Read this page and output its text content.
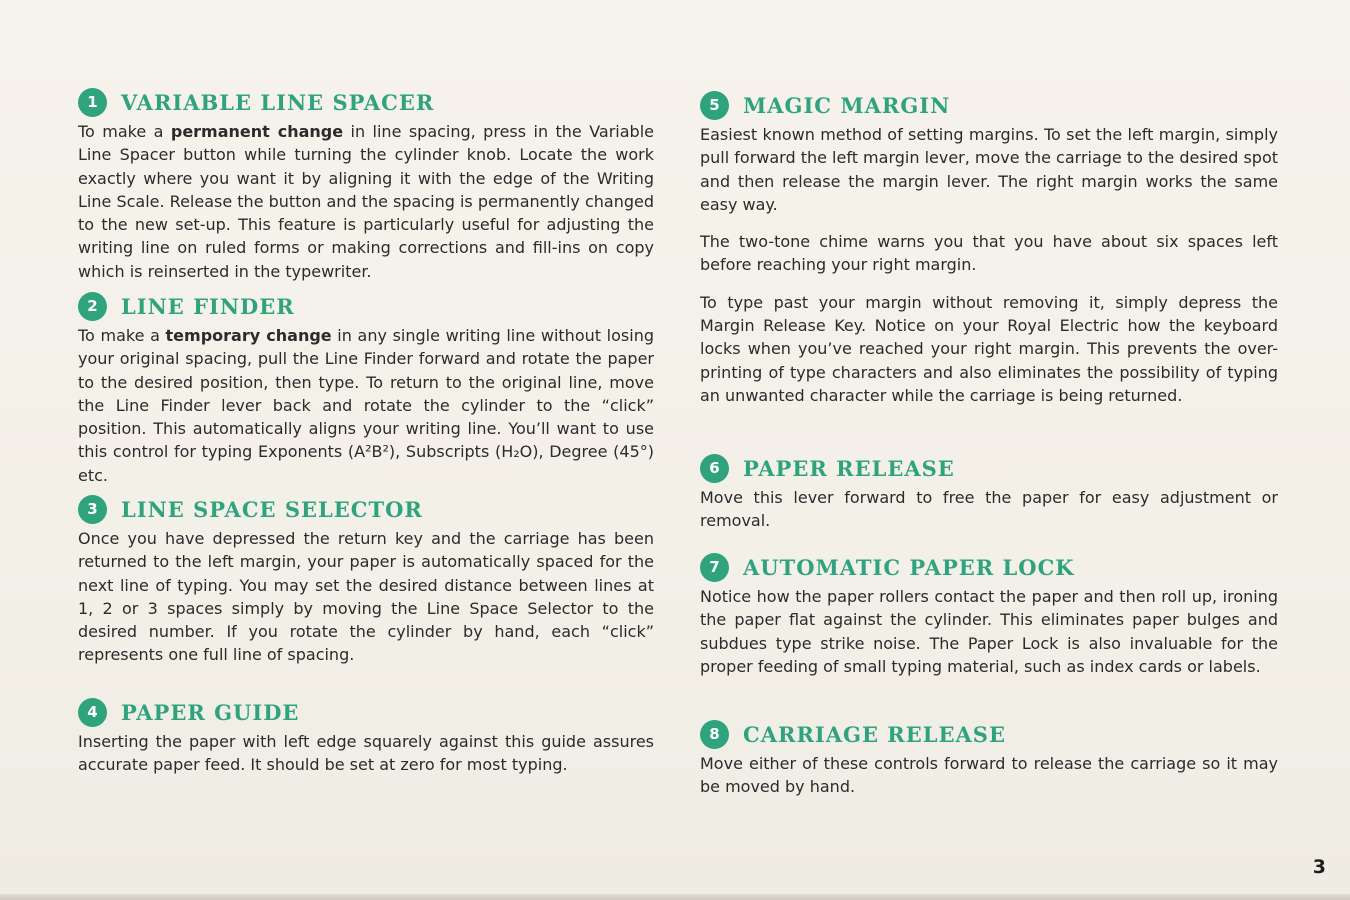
1	VARIABLE LINE SPACER

To make a permanent change in line spacing, press in the Variable Line Spacer button while turning the cylinder knob. Locate the work exactly where you want it by aligning it with the edge of the Writing Line Scale. Release the button and the spacing is permanently changed to the new set-up. This feature is particularly useful for adjusting the writing line on ruled forms or making corrections and fill-ins on copy which is reinserted in the typewriter.

2	LINE FINDER

To make a temporary change in any single writing line without losing your original spacing, pull the Line Finder forward and rotate the paper to the desired position, then type. To return to the original line, move the Line Finder lever back and rotate the cylinder to the “click” position. This automatically aligns your writing line. You’ll want to use this control for typing Exponents (A²B²), Subscripts (H₂O), Degree (45°) etc.

3	LINE SPACE SELECTOR

Once you have depressed the return key and the carriage has been returned to the left margin, your paper is automatically spaced for the next line of typing. You may set the desired distance between lines at 1, 2 or 3 spaces simply by moving the Line Space Selector to the desired number. If you rotate the cylinder by hand, each “click” represents one full line of spacing.

4	PAPER GUIDE

Inserting the paper with left edge squarely against this guide assures accurate paper feed. It should be set at zero for most typing.

5	MAGIC MARGIN

Easiest known method of setting margins. To set the left margin, simply pull forward the left margin lever, move the carriage to the desired spot and then release the margin lever. The right margin works the same easy way.

The two-tone chime warns you that you have about six spaces left before reaching your right margin.

To type past your margin without removing it, simply depress the Margin Release Key. Notice on your Royal Electric how the keyboard locks when you’ve reached your right margin. This prevents the over-printing of type characters and also eliminates the possibility of typing an unwanted character while the carriage is being returned.

6	PAPER RELEASE

Move this lever forward to free the paper for easy adjustment or removal.

7	AUTOMATIC PAPER LOCK

Notice how the paper rollers contact the paper and then roll up, ironing the paper flat against the cylinder. This eliminates paper bulges and subdues type strike noise. The Paper Lock is also invaluable for the proper feeding of small typing material, such as index cards or labels.

8	CARRIAGE RELEASE

Move either of these controls forward to release the carriage so it may be moved by hand.

3
